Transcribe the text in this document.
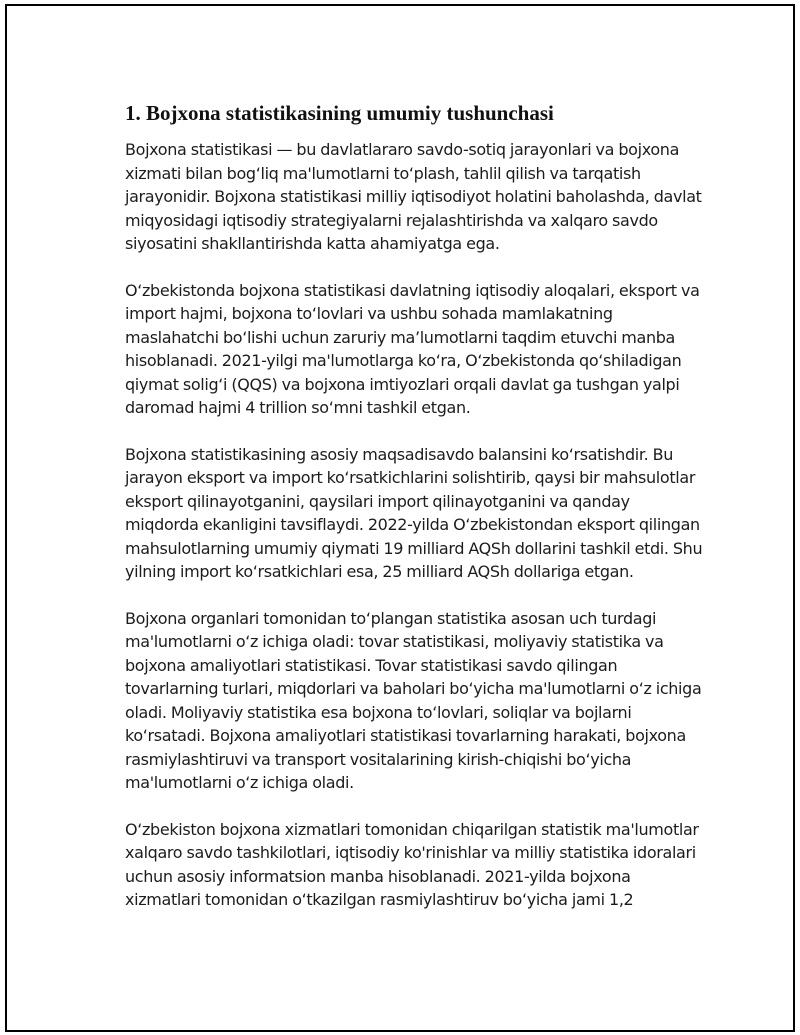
1. Bojxona statistikasining umumiy tushunchasi

Bojxona statistikasi — bu davlatlararo savdo-sotiq jarayonlari va bojxona xizmati bilan bog‘liq ma'lumotlarni to‘plash, tahlil qilish va tarqatish jarayonidir. Bojxona statistikasi milliy iqtisodiyot holatini baholashda, davlat miqyosidagi iqtisodiy strategiyalarni rejalashtirishda va xalqaro savdo siyosatini shakllantirishda katta ahamiyatga ega.

O‘zbekistonda bojxona statistikasi davlatning iqtisodiy aloqalari, eksport va import hajmi, bojxona to‘lovlari va ushbu sohada mamlakatning maslahatchi bo‘lishi uchun zaruriy ma’lumotlarni taqdim etuvchi manba hisoblanadi. 2021-yilgi ma'lumotlarga ko‘ra, O‘zbekistonda qo‘shiladigan qiymat solig‘i (QQS) va bojxona imtiyozlari orqali davlat ga tushgan yalpi daromad hajmi 4 trillion so‘mni tashkil etgan.

Bojxona statistikasining asosiy maqsadisavdo balansini ko‘rsatishdir. Bu jarayon eksport va import ko‘rsatkichlarini solishtirib, qaysi bir mahsulotlar eksport qilinayotganini, qaysilari import qilinayotganini va qanday miqdorda ekanligini tavsiflaydi. 2022-yilda O‘zbekistondan eksport qilingan mahsulotlarning umumiy qiymati 19 milliard AQSh dollarini tashkil etdi. Shu yilning import ko‘rsatkichlari esa, 25 milliard AQSh dollariga etgan.

Bojxona organlari tomonidan to‘plangan statistika asosan uch turdagi ma'lumotlarni o‘z ichiga oladi: tovar statistikasi, moliyaviy statistika va bojxona amaliyotlari statistikasi. Tovar statistikasi savdo qilingan tovarlarning turlari, miqdorlari va baholari bo‘yicha ma'lumotlarni o‘z ichiga oladi. Moliyaviy statistika esa bojxona to‘lovlari, soliqlar va bojlarni ko‘rsatadi. Bojxona amaliyotlari statistikasi tovarlarning harakati, bojxona rasmiylashtiruvi va transport vositalarining kirish-chiqishi bo‘yicha ma'lumotlarni o‘z ichiga oladi.

O‘zbekiston bojxona xizmatlari tomonidan chiqarilgan statistik ma'lumotlar xalqaro savdo tashkilotlari, iqtisodiy ko'rinishlar va milliy statistika idoralari uchun asosiy informatsion manba hisoblanadi. 2021-yilda bojxona xizmatlari tomonidan o‘tkazilgan rasmiylashtiruv bo‘yicha jami 1,2
